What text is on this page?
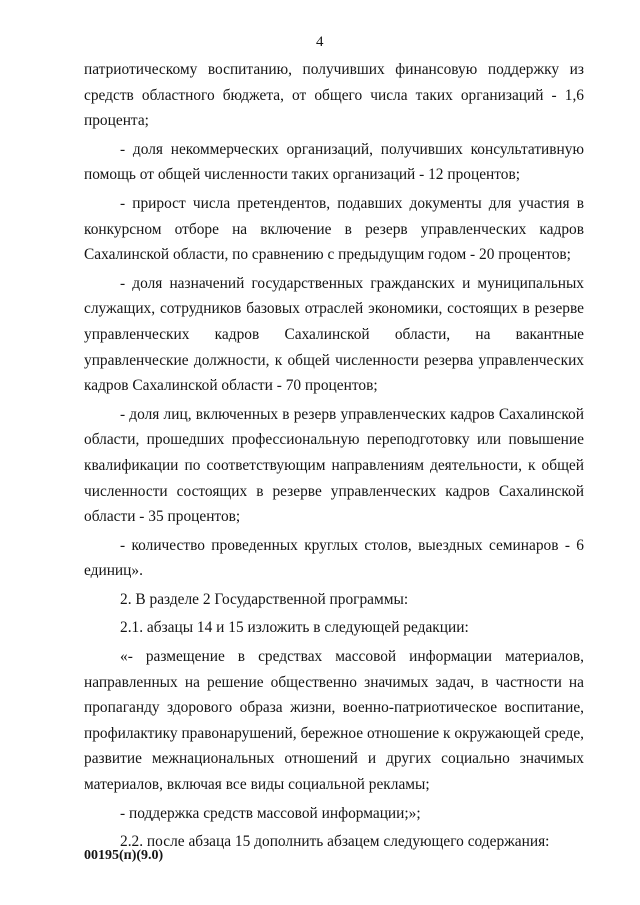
4

патриотическому воспитанию, получивших финансовую поддержку из средств областного бюджета, от общего числа таких организаций - 1,6 процента;

- доля некоммерческих организаций, получивших консультативную помощь от общей численности таких организаций - 12 процентов;

- прирост числа претендентов, подавших документы для участия в конкурсном отборе на включение в резерв управленческих кадров Сахалинской области, по сравнению с предыдущим годом - 20 процентов;

- доля назначений государственных гражданских и муниципальных служащих, сотрудников базовых отраслей экономики, состоящих в резерве управленческих кадров Сахалинской области, на вакантные управленческие должности, к общей численности резерва управленческих кадров Сахалинской области - 70 процентов;

- доля лиц, включенных в резерв управленческих кадров Сахалинской области, прошедших профессиональную переподготовку или повышение квалификации по соответствующим направлениям деятельности, к общей численности состоящих в резерве управленческих кадров Сахалинской области - 35 процентов;

- количество проведенных круглых столов, выездных семинаров - 6 единиц».

2. В разделе 2 Государственной программы:

2.1. абзацы 14 и 15 изложить в следующей редакции:

«- размещение в средствах массовой информации материалов, направленных на решение общественно значимых задач, в частности на пропаганду здорового образа жизни, военно-патриотическое воспитание, профилактику правонарушений, бережное отношение к окружающей среде, развитие межнациональных отношений и других социально значимых материалов, включая все виды социальной рекламы;

- поддержка средств массовой информации;»;

2.2. после абзаца 15 дополнить абзацем следующего содержания:

00195(п)(9.0)
